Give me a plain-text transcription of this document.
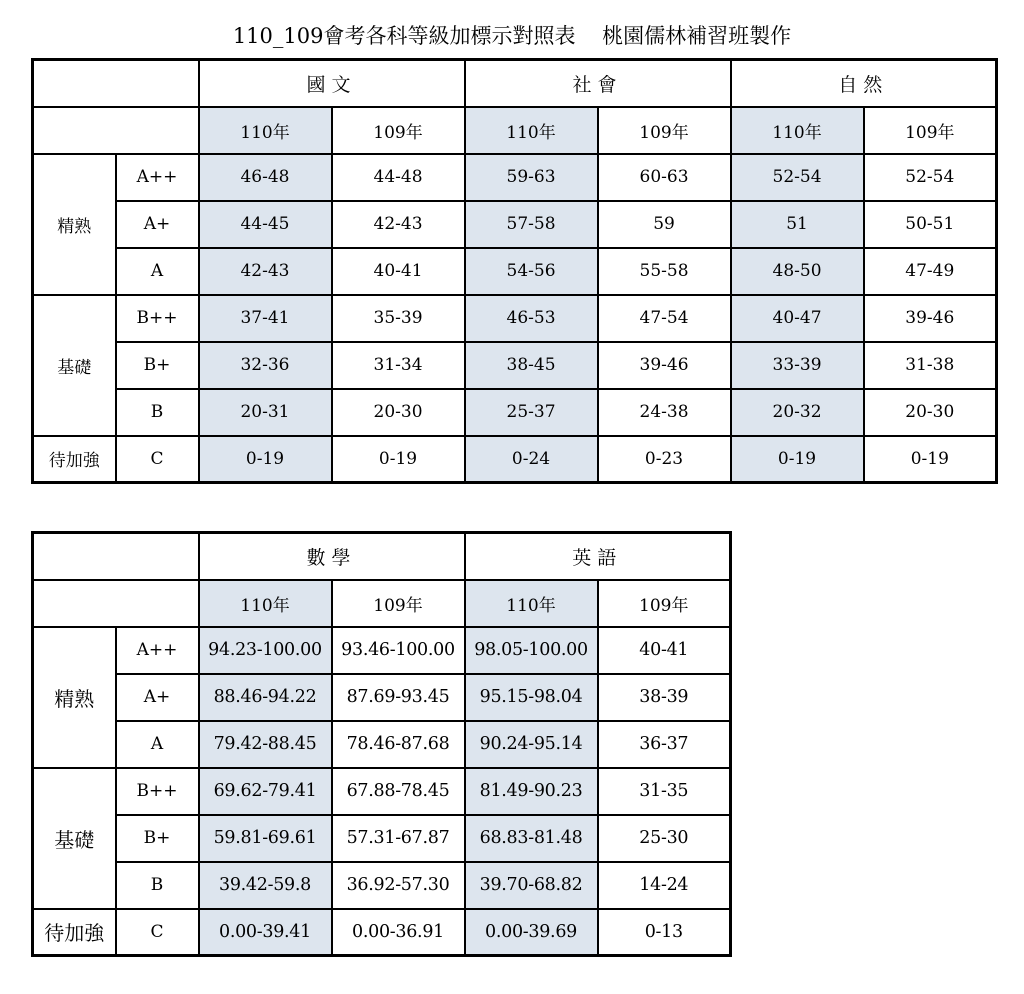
110_109會考各科等級加標示對照表    桃園儒林補習班製作
		國文		社會		自然	
		110年	109年	110年	109年	110年	109年
精熟	A++	46-48	44-48	59-63	60-63	52-54	52-54
	A+	44-45	42-43	57-58	59	51	50-51
	A	42-43	40-41	54-56	55-58	48-50	47-49
基礎	B++	37-41	35-39	46-53	47-54	40-47	39-46
	B+	32-36	31-34	38-45	39-46	33-39	31-38
	B	20-31	20-30	25-37	24-38	20-32	20-30
待加強	C	0-19	0-19	0-24	0-23	0-19	0-19
		數學		英語	
		110年	109年	110年	109年
精熟	A++	94.23-100.00	93.46-100.00	98.05-100.00	40-41
	A+	88.46-94.22	87.69-93.45	95.15-98.04	38-39
	A	79.42-88.45	78.46-87.68	90.24-95.14	36-37
基礎	B++	69.62-79.41	67.88-78.45	81.49-90.23	31-35
	B+	59.81-69.61	57.31-67.87	68.83-81.48	25-30
	B	39.42-59.8	36.92-57.30	39.70-68.82	14-24
待加強	C	0.00-39.41	0.00-36.91	0.00-39.69	0-13
